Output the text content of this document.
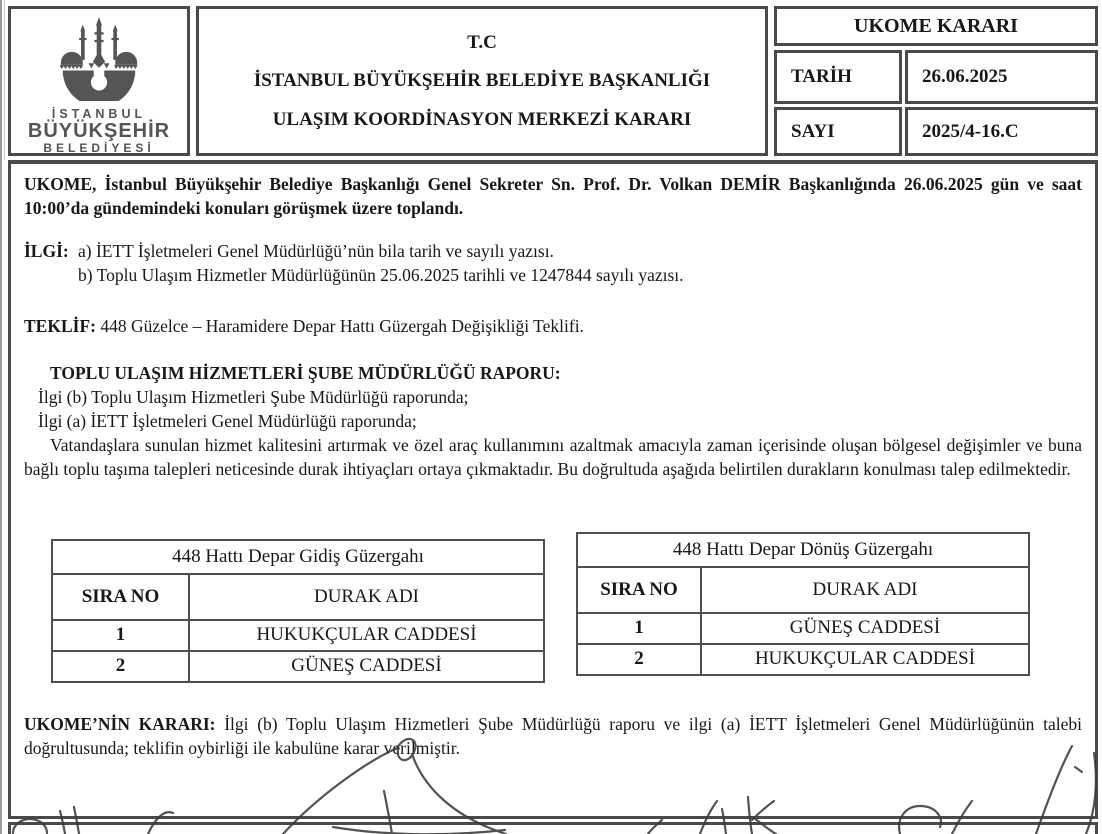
İSTANBUL
BÜYÜKŞEHİR
BELEDİYESİ
T.C
İSTANBUL BÜYÜKŞEHİR BELEDİYE BAŞKANLIĞI
ULAŞIM KOORDİNASYON MERKEZİ KARARI
UKOME KARARI
TARİH	26.06.2025
SAYI	2025/4-16.C

UKOME, İstanbul Büyükşehir Belediye Başkanlığı Genel Sekreter Sn. Prof. Dr. Volkan DEMİR Başkanlığında 26.06.2025 gün ve saat 10:00’da gündemindeki konuları görüşmek üzere toplandı.

İLGİ: a) İETT İşletmeleri Genel Müdürlüğü’nün bila tarih ve sayılı yazısı.
b) Toplu Ulaşım Hizmetler Müdürlüğünün 25.06.2025 tarihli ve 1247844 sayılı yazısı.

TEKLİF: 448 Güzelce – Haramidere Depar Hattı Güzergah Değişikliği Teklifi.

TOPLU ULAŞIM HİZMETLERİ ŞUBE MÜDÜRLÜĞÜ RAPORU:

İlgi (b) Toplu Ulaşım Hizmetleri Şube Müdürlüğü raporunda;

İlgi (a) İETT İşletmeleri Genel Müdürlüğü raporunda;

Vatandaşlara sunulan hizmet kalitesini artırmak ve özel araç kullanımını azaltmak amacıyla zaman içerisinde oluşan bölgesel değişimler ve buna bağlı toplu taşıma talepleri neticesinde durak ihtiyaçları ortaya çıkmaktadır. Bu doğrultuda aşağıda belirtilen durakların konulması talep edilmektedir.

448 Hattı Depar Gidiş Güzergahı	
SIRA NO	DURAK ADI
1	HUKUKÇULAR CADDESİ
2	GÜNEŞ CADDESİ
448 Hattı Depar Dönüş Güzergahı	
SIRA NO	DURAK ADI
1	GÜNEŞ CADDESİ
2	HUKUKÇULAR CADDESİ

UKOME’NİN KARARI: İlgi (b) Toplu Ulaşım Hizmetleri Şube Müdürlüğü raporu ve ilgi (a) İETT İşletmeleri Genel Müdürlüğünün talebi doğrultusunda; teklifin oybirliği ile kabulüne karar verilmiştir.
